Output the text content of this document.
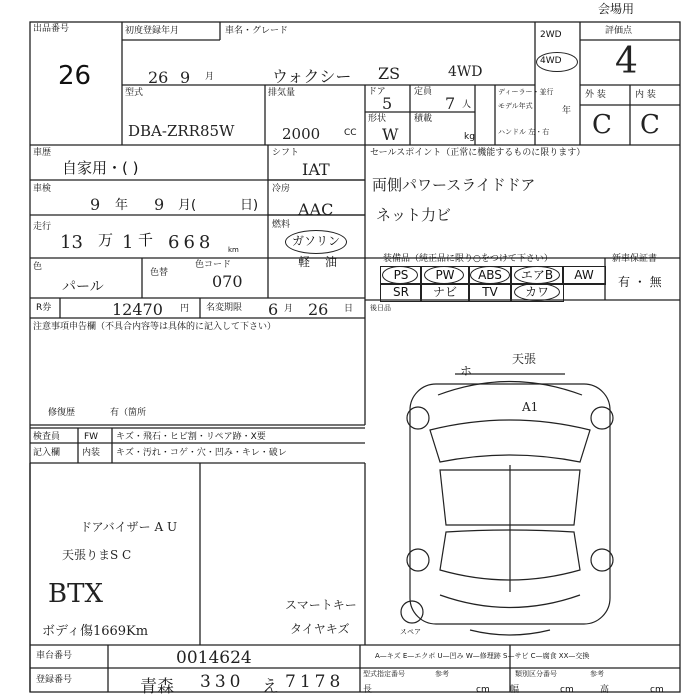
出品番号
会場用
26
初度登録年月
26 9 月
車名・グレード
ウォクシー ZS	4WD
2WD
4WD
評価点
4
型式
DBA-ZRR85W
排気量
2000	CC
ドア
5
定員
7 人
形状
W
積載
kg
ディーラー・並行
モデル年式	年
ハンドル 左・右
外 装	内 装
C C
車歴
自家用・( )
シフト
IAT
車検
9 年 9 月(	日)
冷房
AAC
走行
13 万 1 千 668 km
燃料
ガソリン
軽 油
色
パール
色替
色コード
070
R券	12470 円 名変期限 6 月 26 日
注意事項申告欄（不具合内容等は具体的に記入して下さい）
修復歴	有（箇所
セールスポイント（正常に機能するものに限ります）
両側パワースライドドア
ネット力ビ
装備品（純正品に限り○をつけて下さい）
PS	PW	ABS	エアB	AW
SR	ナビ	TV	カワ
新車保証書
有 ・ 無
後日品
検査員
記入欄
FW キズ・飛石・ヒビ割・リペア跡・X要
内装 キズ・汚れ・コゲ・穴・凹み・キレ・破レ
ドアバイザー A U
天張りまS C
BTX
ボディ傷1669Km
スマートキー
タイヤキズ
天張
A1
ホ
スペア
A—キズ E—エクボ U—凹み W—修理跡 S—サビ C—腐食 XX—交換
車台番号	0014624
登録番号	青森 330 え 7178	型式指定番号	参考	類別区分番号	参考
長	cm 幅	cm	高	cm
